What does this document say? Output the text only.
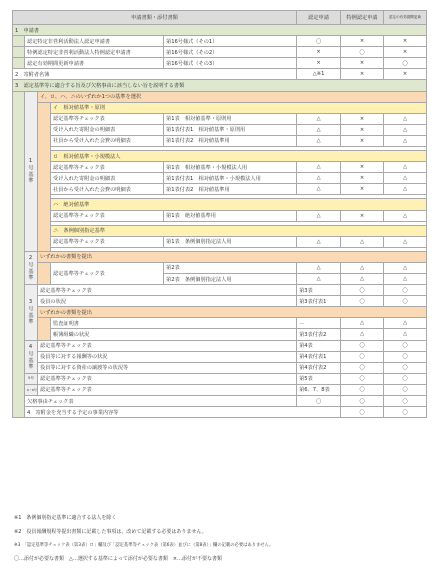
申請書類・添付書類					認定申請	特例認定申請	認定の有効期間更新	
1　申請書								
	認定特定非営利活動法人認定申請書			第16号様式（その1）	〇	×	×	
	特例認定特定非営利活動法人特例認定申請書			第16号様式（その2）	×	〇	×	
	認定有効期間更新申請書			第16号様式（その3）	×	×	〇	
2　寄附者名簿					△※1	×	×	
3　認定基準等に適合する旨及び欠格事由に該当しない旨を説明する書類								
	1号基準	イ、ロ、ハ、ニのいずれか1つの基準を選択						
			イ　相対値基準・原則					
			認定基準等チェック表	第1表　相対値基準・原則用	△	×	△	
			受け入れた寄附金の明細表	第1表付表1　相対値基準・原則用	△	×	△	
			社員から受け入れた会費の明細表	第1表付表2　相対値基準用	△	×	△	

			ロ　相対値基準・小規模法人					
			認定基準等チェック表	第1表　相対値基準・小規模法人用	△	×	△	
			受け入れた寄附金の明細表	第1表付表1　相対値基準・小規模法人用	△	×	△	
			社員から受け入れた会費の明細表	第1表付表2　相対値基準用	△	×	△	

			ハ　絶対値基準					
			認定基準等チェック表	第1表　絶対値基準用	△	×	△	

			ニ　条例個別指定基準					
			認定基準等チェック表	第1表　条例個別指定法人用	△	△	△	

	2号基準	いずれかの書類を提出						
			認定基準等チェック表	第2表	△	△	△	
				第2表　条例個別指定法人用	△	△	△	
	3号基準	認定基準等チェック表			第3表	〇	〇	
		役員の状況			第3表付表1	〇	〇	
		いずれかの書類を提出						
			監査証明書		－	△	△	
			帳簿組織の状況		第3表付表2	△	△	
	4号基準	認定基準等チェック表			第4表	〇	〇	
		役員等に対する報酬等の状況			第4表付表1	〇	〇	
		役員等に対する資産の譲渡等の状況等			第4表付表2	〇	〇	
	5号	認定基準等チェック表			第5表	〇	〇	
	6〜8号	認定基準等チェック表			第6、7、8表	〇	〇	
	欠格事由チェック表				〇	〇	〇	
	4　寄附金を充当する予定の事業内容等					〇	〇	
※1　条例個別指定基準に適合する法人を除く
※2　役員報酬規程等提出書類に記載した事項は、改めて記載する必要はありません。
※3　「認定基準等チェック表（第3表）ロ」欄及び「認定基準等チェック表（第6表）並びに（第8表）」欄の記載の必要はありません。
〇…添付が必要な書類　△…選択する基準によって添付が必要な書類　×…添付が不要な書類
